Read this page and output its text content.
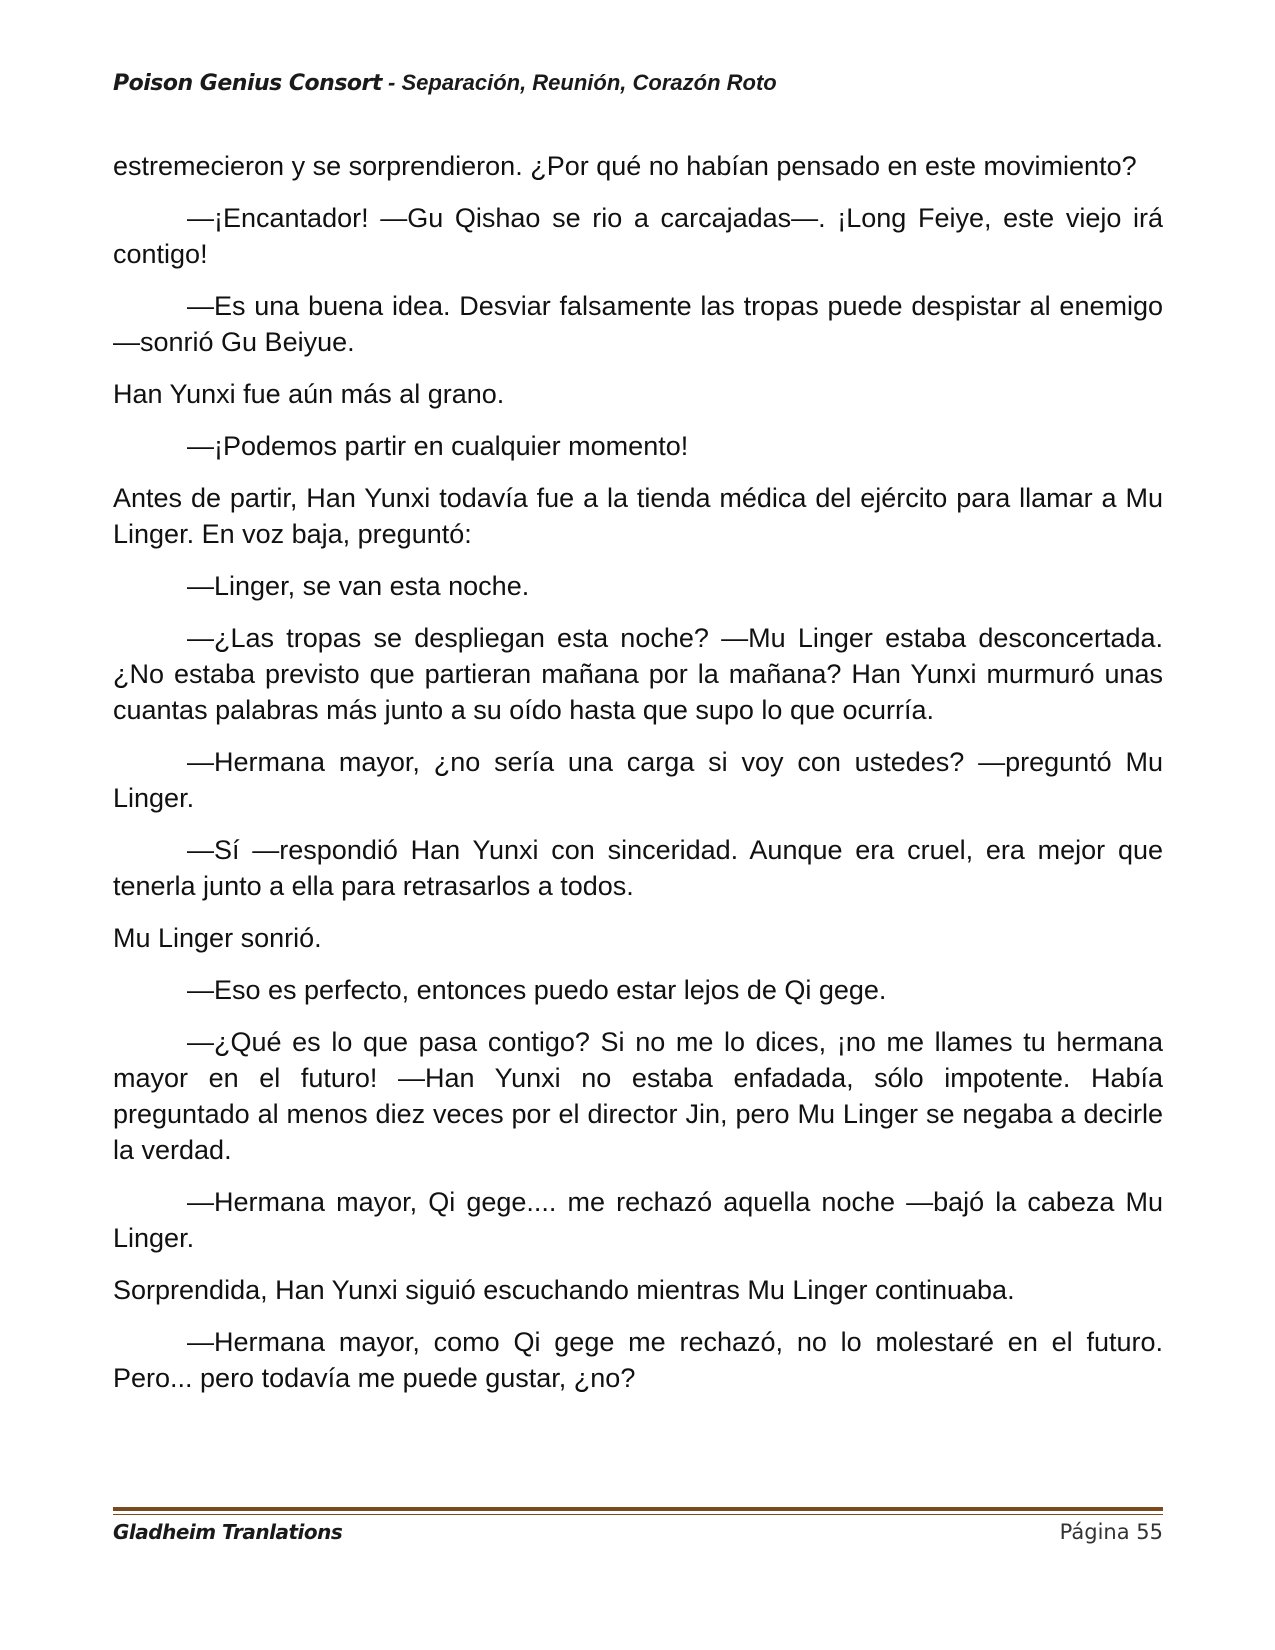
Poison Genius Consort - Separación, Reunión, Corazón Roto

estremecieron y se sorprendieron. ¿Por qué no habían pensado en este movimiento?

—¡Encantador! —Gu Qishao se rio a carcajadas—. ¡Long Feiye, este viejo irá contigo!

—Es una buena idea. Desviar falsamente las tropas puede despistar al enemigo —sonrió Gu Beiyue.

Han Yunxi fue aún más al grano.

—¡Podemos partir en cualquier momento!

Antes de partir, Han Yunxi todavía fue a la tienda médica del ejército para llamar a Mu Linger. En voz baja, preguntó:

—Linger, se van esta noche.

—¿Las tropas se despliegan esta noche? —Mu Linger estaba desconcertada. ¿No estaba previsto que partieran mañana por la mañana? Han Yunxi murmuró unas cuantas palabras más junto a su oído hasta que supo lo que ocurría.

—Hermana mayor, ¿no sería una carga si voy con ustedes? —preguntó Mu Linger.

—Sí —respondió Han Yunxi con sinceridad. Aunque era cruel, era mejor que tenerla junto a ella para retrasarlos a todos.

Mu Linger sonrió.

—Eso es perfecto, entonces puedo estar lejos de Qi gege.

—¿Qué es lo que pasa contigo? Si no me lo dices, ¡no me llames tu hermana mayor en el futuro! —Han Yunxi no estaba enfadada, sólo impotente. Había preguntado al menos diez veces por el director Jin, pero Mu Linger se negaba a decirle la verdad.

—Hermana mayor, Qi gege.... me rechazó aquella noche —bajó la cabeza Mu Linger.

Sorprendida, Han Yunxi siguió escuchando mientras Mu Linger continuaba.

—Hermana mayor, como Qi gege me rechazó, no lo molestaré en el futuro. Pero... pero todavía me puede gustar, ¿no?

Gladheim Tranlations	Página 55
